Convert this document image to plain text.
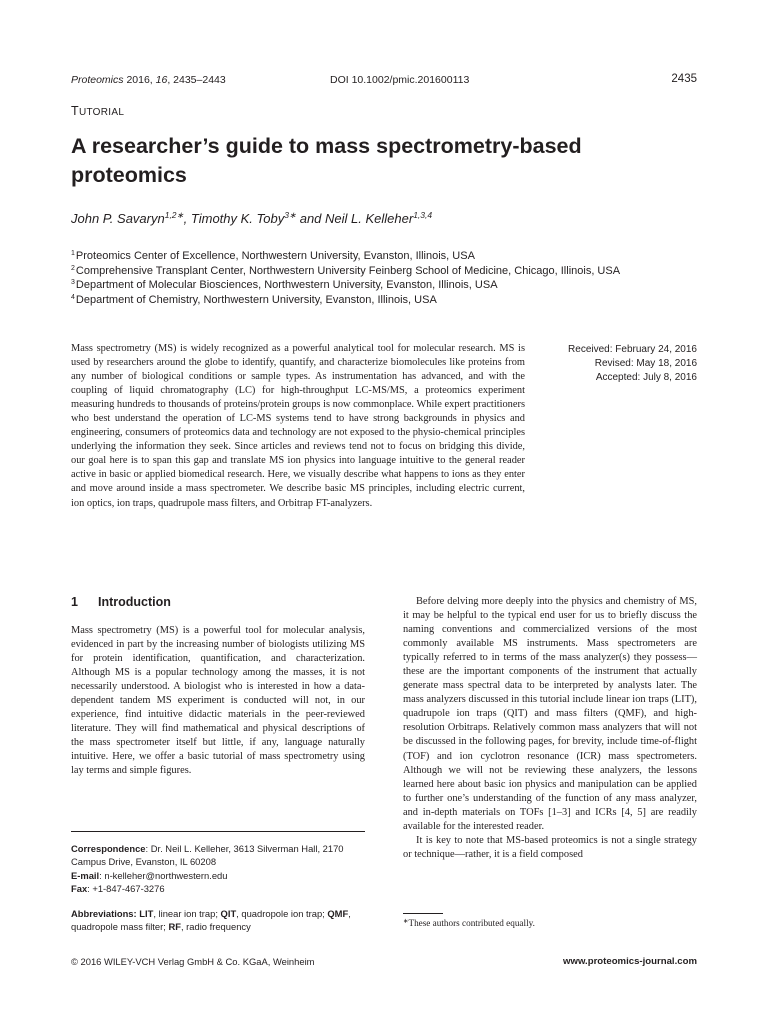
Proteomics 2016, 16, 2435–2443	DOI 10.1002/pmic.201600113	2435
TUTORIAL
A researcher’s guide to mass spectrometry-based proteomics
John P. Savaryn$^{1,2∗}$, Timothy K. Toby$^{3∗}$ and Neil L. Kelleher$^{1,3,4}$
$^1$Proteomics Center of Excellence, Northwestern University, Evanston, Illinois, USA
$^2$Comprehensive Transplant Center, Northwestern University Feinberg School of Medicine, Chicago, Illinois, USA
$^3$Department of Molecular Biosciences, Northwestern University, Evanston, Illinois, USA
$^4$Department of Chemistry, Northwestern University, Evanston, Illinois, USA

Mass spectrometry (MS) is widely recognized as a powerful analytical tool for molecular research. MS is used by researchers around the globe to identify, quantify, and characterize biomolecules like proteins from any number of biological conditions or sample types. As instrumentation has advanced, and with the coupling of liquid chromatography (LC) for high-throughput LC-MS/MS, a proteomics experiment measuring hundreds to thousands of proteins/protein groups is now commonplace. While expert practitioners who best understand the operation of LC-MS systems tend to have strong backgrounds in physics and engineering, consumers of proteomics data and technology are not exposed to the physio-chemical principles underlying the information they seek. Since articles and reviews tend not to focus on bridging this divide, our goal here is to span this gap and translate MS ion physics into language intuitive to the general reader active in basic or applied biomedical research. Here, we visually describe what happens to ions as they enter and move around inside a mass spectrometer. We describe basic MS principles, including electric current, ion optics, ion traps, quadrupole mass filters, and Orbitrap FT-analyzers.

Received: February 24, 2016
Revised: May 18, 2016
Accepted: July 8, 2016
1 Introduction

Mass spectrometry (MS) is a powerful tool for molecular analysis, evidenced in part by the increasing number of biologists utilizing MS for protein identification, quantification, and characterization. Although MS is a popular technology among the masses, it is not necessarily understood. A biologist who is interested in how a data-dependent tandem MS experiment is conducted will not, in our experience, find intuitive didactic materials in the peer-reviewed literature. They will find mathematical and physical descriptions of the mass spectrometer itself but little, if any, language naturally intuitive. Here, we offer a basic tutorial of mass spectrometry using lay terms and simple figures.

Before delving more deeply into the physics and chemistry of MS, it may be helpful to the typical end user for us to briefly discuss the naming conventions and commercialized versions of the most commonly available MS instruments. Mass spectrometers are typically referred to in terms of the mass analyzer(s) they possess—these are the important components of the instrument that actually generate mass spectral data to be interpreted by analysts later. The mass analyzers discussed in this tutorial include linear ion traps (LIT), quadrupole ion traps (QIT) and mass filters (QMF), and high-resolution Orbitraps. Relatively common mass analyzers that will not be discussed in the following pages, for brevity, include time-of-flight (TOF) and ion cyclotron resonance (ICR) mass spectrometers. Although we will not be reviewing these analyzers, the lessons learned here about basic ion physics and manipulation can be applied to further one’s understanding of the function of any mass analyzer, and in-depth materials on TOFs [1–3] and ICRs [4, 5] are readily available for the interested reader.

It is key to note that MS-based proteomics is not a single strategy or technique—rather, it is a field composed

Correspondence: Dr. Neil L. Kelleher, 3613 Silverman Hall, 2170 Campus Drive, Evanston, IL 60208
E-mail: n-kelleher@northwestern.edu
Fax: +1-847-467-3276
Abbreviations: LIT, linear ion trap; QIT, quadropole ion trap; QMF, quadropole mass filter; RF, radio frequency	∗These authors contributed equally.
© 2016 WILEY-VCH Verlag GmbH & Co. KGaA, Weinheim	www.proteomics-journal.com
